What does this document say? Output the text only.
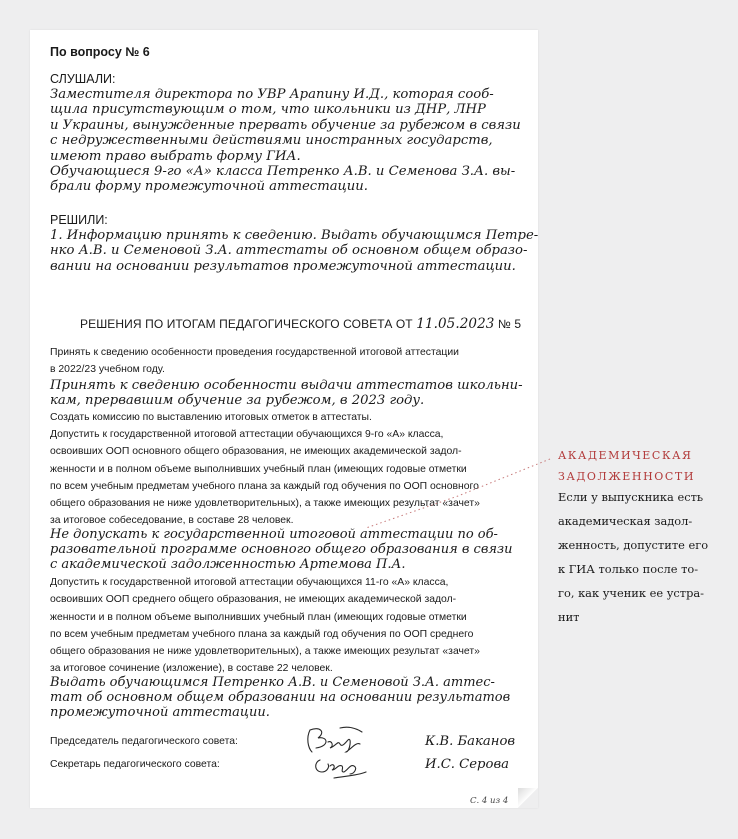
По вопросу № 6

СЛУШАЛИ:

Заместителя директора по УВР Арапину И.Д., которая сооб-
щила присутствующим о том, что школьники из ДНР, ЛНР
и Украины, вынужденные прервать обучение за рубежом в связи
с недружественными действиями иностранных государств,
имеют право выбрать форму ГИА.
Обучающиеся 9-го «А» класса Петренко А.В. и Семенова З.А. вы-
брали форму промежуточной аттестации.

РЕШИЛИ:

1. Информацию принять к сведению. Выдать обучающимся Петре-
нко А.В. и Семеновой З.А. аттестаты об основном общем образо-
вании на основании результатов промежуточной аттестации.

РЕШЕНИЯ ПО ИТОГАМ ПЕДАГОГИЧЕСКОГО СОВЕТА ОТ 11.05.2023 № 5

Принять к сведению особенности проведения государственной итоговой аттестации
в 2022/23 учебном году.
Принять к сведению особенности выдачи аттестатов школьни-
кам, прервавшим обучение за рубежом, в 2023 году.
Создать комиссию по выставлению итоговых отметок в аттестаты.
Допустить к государственной итоговой аттестации обучающихся 9-го «А» класса,
освоивших ООП основного общего образования, не имеющих академической задол-
женности и в полном объеме выполнивших учебный план (имеющих годовые отметки
по всем учебным предметам учебного плана за каждый год обучения по ООП основного
общего образования не ниже удовлетворительных), а также имеющих результат «зачет»
за итоговое собеседование, в составе 28 человек.
Не допускать к государственной итоговой аттестации по об-
разовательной программе основного общего образования в связи
с академической задолженностью Артемова П.А.
Допустить к государственной итоговой аттестации обучающихся 11-го «А» класса,
освоивших ООП среднего общего образования, не имеющих академической задол-
женности и в полном объеме выполнивших учебный план (имеющих годовые отметки
по всем учебным предметам учебного плана за каждый год обучения по ООП среднего
общего образования не ниже удовлетворительных), а также имеющих результат «зачет»
за итоговое сочинение (изложение), в составе 22 человек.
Выдать обучающимся Петренко А.В. и Семеновой З.А. аттес-
тат об основном общем образовании на основании результатов
промежуточной аттестации.

Председатель педагогического совета:

Секретарь педагогического совета:

К.В. Баканов

И.С. Серова

С. 4 из 4

АКАДЕМИЧЕСКАЯ
ЗАДОЛЖЕННОСТИ
Если у выпускника есть
академическая задол-
женность, допустите его
к ГИА только после то-
го, как ученик ее устра-
нит
